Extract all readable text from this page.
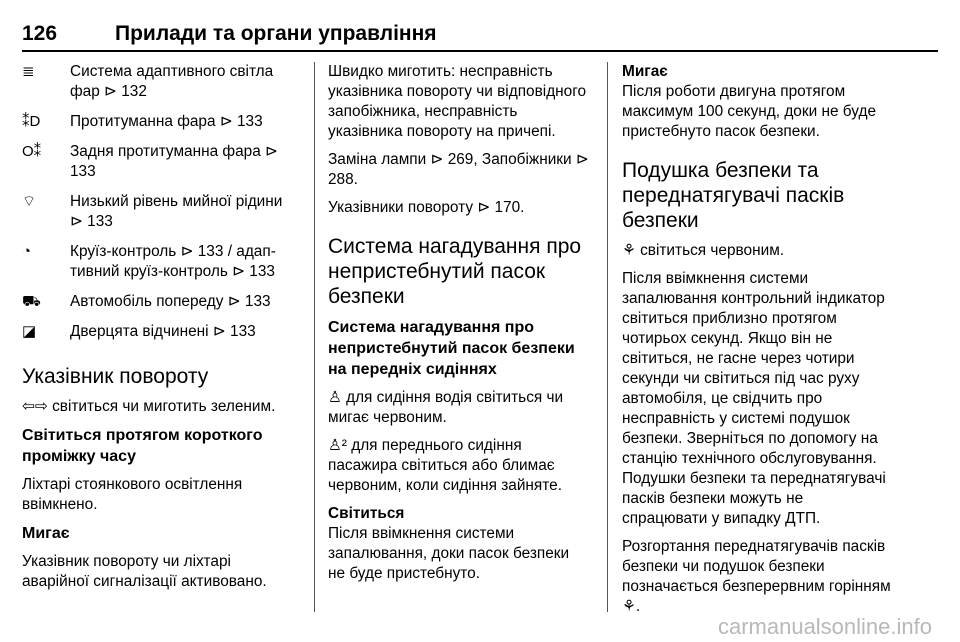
126	Прилади та органи управління
≣	Система адаптивного світла фар ⊳ 132
⁑D	Протитуманна фара ⊳ 133
O⁑	Задня протитуманна фара ⊳ 133
⌔	Низький рівень мийної рідини ⊳ 133
◔	Круїз-контроль ⊳ 133 / адаптивний круїз-контроль ⊳ 133
⛟	Автомобіль попереду ⊳ 133
◪	Дверцята відчинені ⊳ 133
Указівник повороту

⇦⇨ світиться чи миготить зеленим.

Світиться протягом короткого проміжку часу

Ліхтарі стоянкового освітлення ввімкнено.

Мигає

Указівник повороту чи ліхтарі аварійної сигналізації активовано.

Швидко миготить: несправність указівника повороту чи відповідного запобіжника, несправність указівника повороту на причепі.

Заміна лампи ⊳ 269, Запобіжники ⊳ 288.

Указівники повороту ⊳ 170.

Система нагадування про непристебнутий пасок безпеки
Система нагадування про непристебнутий пасок безпеки на передніх сидіннях

♙ для сидіння водія світиться чи мигає червоним.

♙² для переднього сидіння пасажира світиться або блимає червоним, коли сидіння зайняте.

Світиться

Після ввімкнення системи запалювання, доки пасок безпеки не буде пристебнуто.

Мигає

Після роботи двигуна протягом максимум 100 секунд, доки не буде пристебнуто пасок безпеки.

Подушка безпеки та переднатягувачі пасків безпеки

⚘ світиться червоним.

Після ввімкнення системи запалювання контрольний індикатор світиться приблизно протягом чотирьох секунд. Якщо він не світиться, не гасне через чотири секунди чи світиться під час руху автомобіля, це свідчить про несправність у системі подушок безпеки. Зверніться по допомогу на станцію технічного обслуговування. Подушки безпеки та переднатягувачі пасків безпеки можуть не спрацювати у випадку ДТП.

Розгортання переднатягувачів пасків безпеки чи подушок безпеки позначається безперервним горінням ⚘.

carmanualsonline.info
